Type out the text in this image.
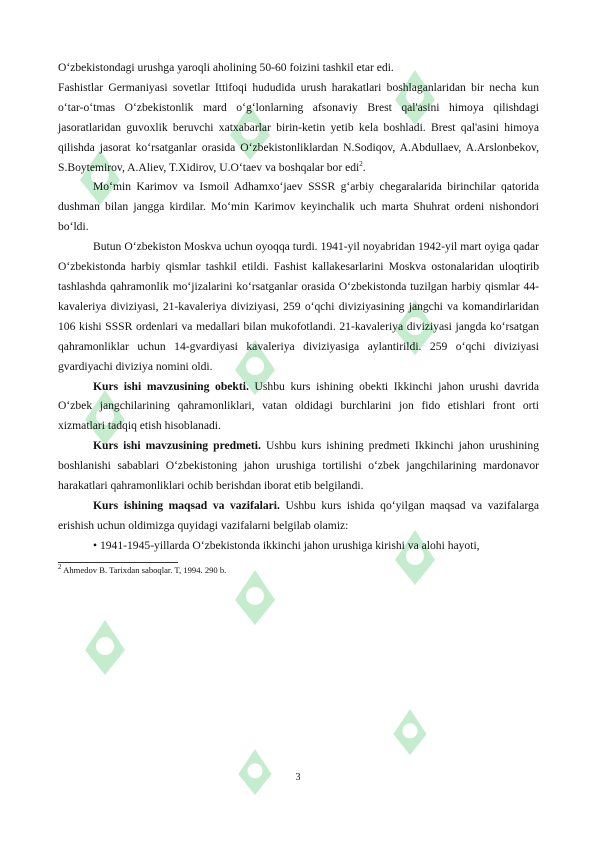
O‘zbekistondagi urushga yaroqli aholining 50-60 foizini tashkil etar edi.

Fashistlar Germaniyasi sovetlar Ittifoqi hududida urush harakatlari boshlaganlaridan bir necha kun o‘tar-o‘tmas O‘zbekistonlik mard o‘g‘lonlarning afsonaviy Brest qal'asini himoya qilishdagi jasoratlaridan guvoxlik beruvchi xatxabarlar birin-ketin yetib kela boshladi. Brest qal'asini himoya qilishda jasorat ko‘rsatganlar orasida O‘zbekistonliklardan N.Sodiqov, A.Abdullaev, A.Arslonbekov, S.Boytemirov, A.Aliev, T.Xidirov, U.O‘taev va boshqalar bor edi$^2$.

Mo‘min Karimov va Ismoil Adhamxo‘jaev SSSR g‘arbiy chegaralarida birinchilar qatorida dushman bilan jangga kirdilar. Mo‘min Karimov keyinchalik uch marta Shuhrat ordeni nishondori bo‘ldi.

Butun O‘zbekiston Moskva uchun oyoqqa turdi. 1941-yil noyabridan 1942-yil mart oyiga qadar O‘zbekistonda harbiy qismlar tashkil etildi. Fashist kallakesarlarini Moskva ostonalaridan uloqtirib tashlashda qahramonlik mo‘jizalarini ko‘rsatganlar orasida O‘zbekistonda tuzilgan harbiy qismlar 44-kavaleriya diviziyasi, 21-kavaleriya diviziyasi, 259 o‘qchi diviziyasining jangchi va komandirlaridan 106 kishi SSSR ordenlari va medallari bilan mukofotlandi. 21-kavaleriya diviziyasi jangda ko‘rsatgan qahramonliklar uchun 14-gvardiyasi kavaleriya diviziyasiga aylantirildi. 259 o‘qchi diviziyasi gvardiyachi diviziya nomini oldi.

Kurs ishi mavzusining obekti. Ushbu kurs ishining obekti Ikkinchi jahon urushi davrida O‘zbek jangchilarining qahramonliklari, vatan oldidagi burchlarini jon fido etishlari front orti xizmatlari tadqiq etish hisoblanadi.

Kurs ishi mavzusining predmeti. Ushbu kurs ishining predmeti Ikkinchi jahon urushining boshlanishi sabablari O‘zbekistoning jahon urushiga tortilishi o‘zbek jangchilarining mardonavor harakatlari qahramonliklari ochib berishdan iborat etib belgilandi.

Kurs ishining maqsad va vazifalari. Ushbu kurs ishida qo‘yilgan maqsad va vazifalarga erishish uchun oldimizga quyidagi vazifalarni belgilab olamiz:

• 1941-1945-yillarda O‘zbekistonda ikkinchi jahon urushiga kirishi va alohi hayoti,

$^2$ Ahmedov B. Tarixdan saboqlar. T, 1994. 290 b.
3
